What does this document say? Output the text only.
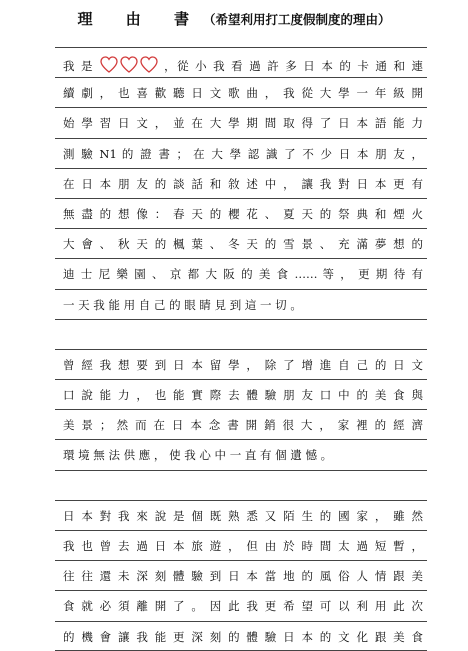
理 由 書（希望利用打工度假制度的理由）
我 是	，從 小 我 看 過 許 多 日 本 的 卡 通 和 連
續 劇 ， 也 喜 歡 聽 日 文 歌 曲 ， 我 從 大 學 一 年 級 開
始 學 習 日 文 ， 並 在 大 學 期 間 取 得 了 日 本 語 能 力
測 驗 N1 的 證 書 ； 在 大 學 認 識 了 不 少 日 本 朋 友 ，
在 日 本 朋 友 的 談 話 和 敘 述 中 ， 讓 我 對 日 本 更 有
無 盡 的 想 像 ： 春 天 的 櫻 花 、 夏 天 的 祭 典 和 煙 火
大 會 、 秋 天 的 楓 葉 、 冬 天 的 雪 景 、 充 滿 夢 想 的
迪 士 尼 樂 園 、 京 都 大 阪 的 美 食 …… 等 ， 更 期 待 有
一 天 我 能 用 自 己 的 眼 睛 見 到 這 一 切 。
曾 經 我 想 要 到 日 本 留 學 ， 除 了 增 進 自 己 的 日 文
口 說 能 力 ， 也 能 實 際 去 體 驗 朋 友 口 中 的 美 食 與
美 景 ； 然 而 在 日 本 念 書 開 銷 很 大 ， 家 裡 的 經 濟
環 境 無 法 供 應 ， 使 我 心 中 一 直 有 個 遺 憾 。
日 本 對 我 來 說 是 個 既 熟 悉 又 陌 生 的 國 家 ， 雖 然
我 也 曾 去 過 日 本 旅 遊 ， 但 由 於 時 間 太 過 短 暫 ，
往 往 還 未 深 刻 體 驗 到 日 本 當 地 的 風 俗 人 情 跟 美
食 就 必 須 離 開 了 。 因 此 我 更 希 望 可 以 利 用 此 次
的 機 會 讓 我 能 更 深 刻 的 體 驗 日 本 的 文 化 跟 美 食
